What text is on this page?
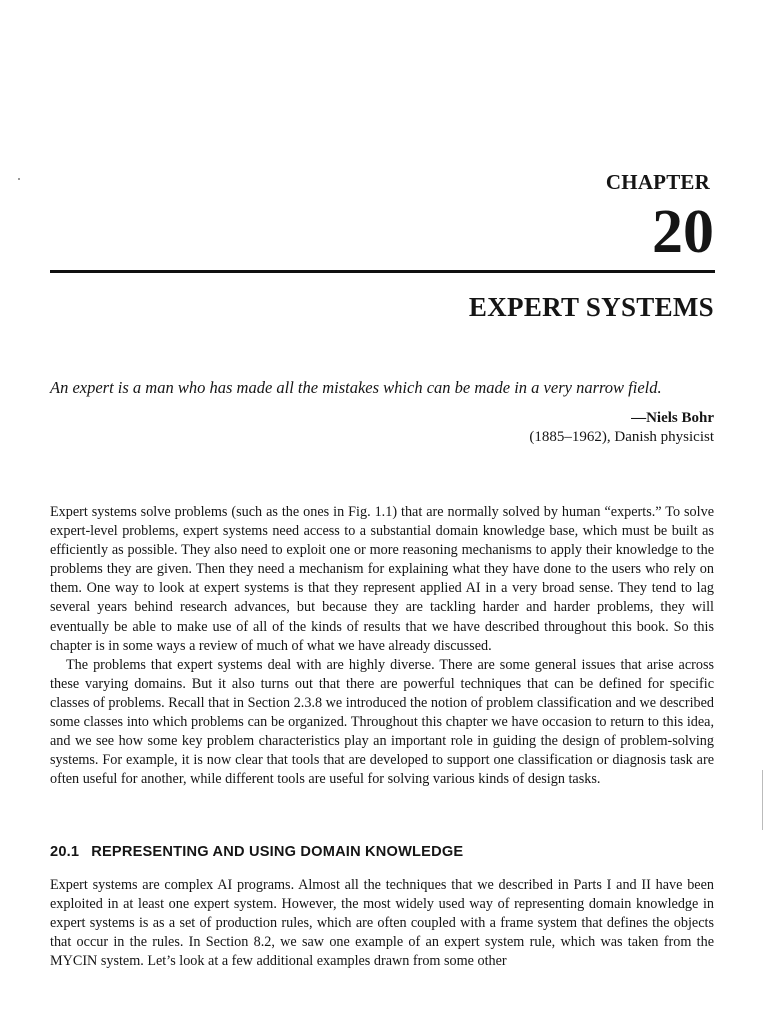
CHAPTER
20
EXPERT SYSTEMS
An expert is a man who has made all the mistakes which can be made in a very narrow field.
—Niels Bohr
(1885–1962), Danish physicist

Expert systems solve problems (such as the ones in Fig. 1.1) that are normally solved by human “experts.” To solve expert-level problems, expert systems need access to a substantial domain knowledge base, which must be built as efficiently as possible. They also need to exploit one or more reasoning mechanisms to apply their knowledge to the problems they are given. Then they need a mechanism for explaining what they have done to the users who rely on them. One way to look at expert systems is that they represent applied AI in a very broad sense. They tend to lag several years behind research advances, but because they are tackling harder and harder problems, they will eventually be able to make use of all of the kinds of results that we have described throughout this book. So this chapter is in some ways a review of much of what we have already discussed.

The problems that expert systems deal with are highly diverse. There are some general issues that arise across these varying domains. But it also turns out that there are powerful techniques that can be defined for specific classes of problems. Recall that in Section 2.3.8 we introduced the notion of problem classification and we described some classes into which problems can be organized. Throughout this chapter we have occasion to return to this idea, and we see how some key problem characteristics play an important role in guiding the design of problem-solving systems. For example, it is now clear that tools that are developed to support one classification or diagnosis task are often useful for another, while different tools are useful for solving various kinds of design tasks.

20.1 REPRESENTING AND USING DOMAIN KNOWLEDGE

Expert systems are complex AI programs. Almost all the techniques that we described in Parts I and II have been exploited in at least one expert system. However, the most widely used way of representing domain knowledge in expert systems is as a set of production rules, which are often coupled with a frame system that defines the objects that occur in the rules. In Section 8.2, we saw one example of an expert system rule, which was taken from the MYCIN system. Let’s look at a few additional examples drawn from some other
